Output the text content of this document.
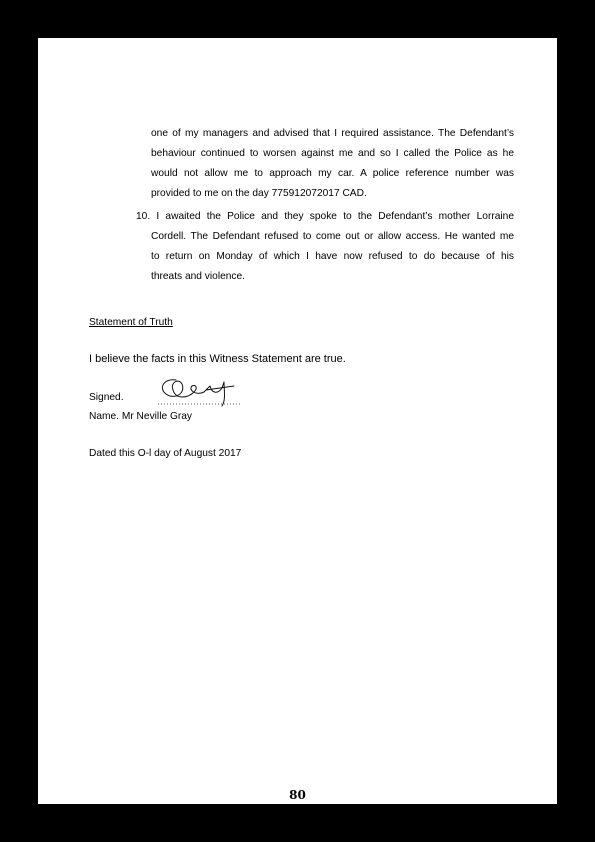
one of my managers and advised that I required assistance. The Defendant’s
behaviour continued to worsen against me and so I called the Police as he
would not allow me to approach my car. A police reference number was
provided to me on the day 775912072017 CAD.
10. I awaited the Police and they spoke to the Defendant’s mother Lorraine
Cordell. The Defendant refused to come out or allow access. He wanted me
to return on Monday of which I have now refused to do because of his
threats and violence.
Statement of Truth
I believe the facts in this Witness Statement are true.
Signed.
Name. Mr Neville Gray
Dated this O-l day of August 2017
80
